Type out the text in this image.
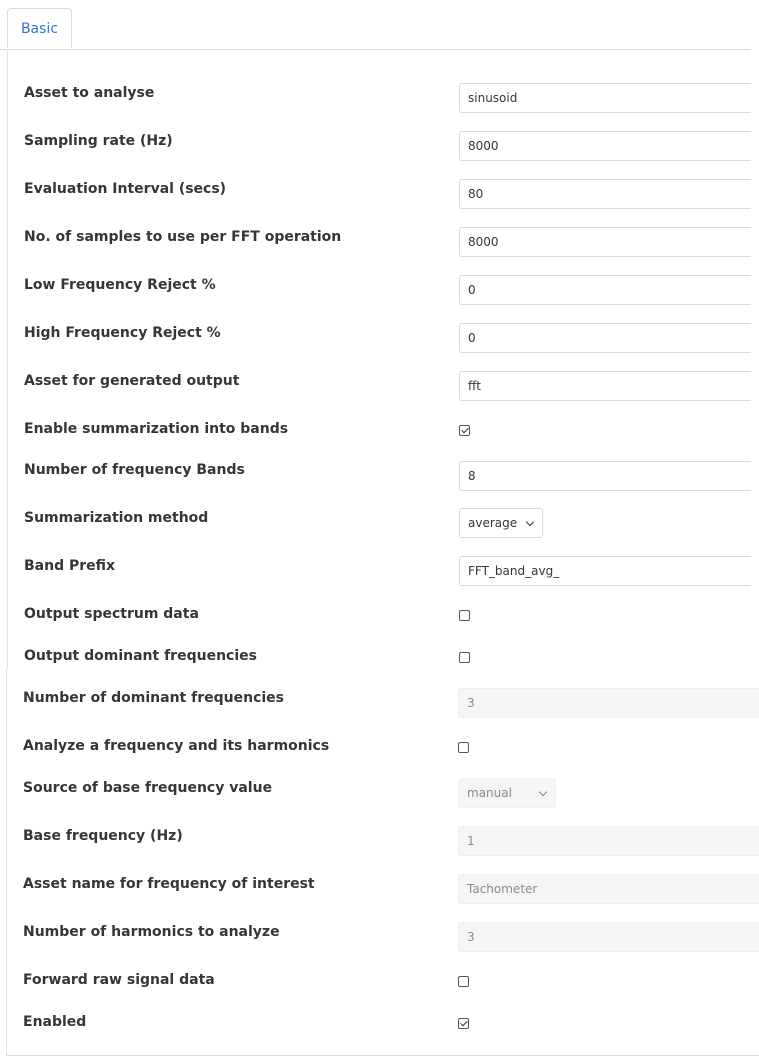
Basic
Asset to analyse	sinusoid
Sampling rate (Hz)	8000
Evaluation Interval (secs)	80
No. of samples to use per FFT operation	8000
Low Frequency Reject %	0
High Frequency Reject %	0
Asset for generated output	fft
Enable summarization into bands
Number of frequency Bands	8
Summarization method	average
Band Prefix	FFT_band_avg_
Output spectrum data
Output dominant frequencies
Number of dominant frequencies	3
Analyze a frequency and its harmonics
Source of base frequency value	manual
Base frequency (Hz)	1
Asset name for frequency of interest	Tachometer
Number of harmonics to analyze	3
Forward raw signal data
Enabled
